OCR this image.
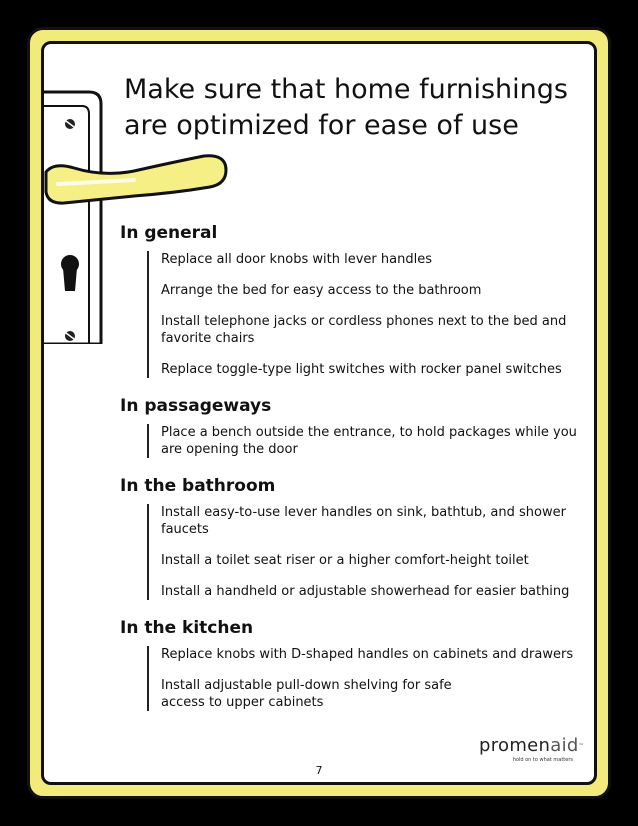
Make sure that home furnishings are optimized for ease of use
In general
Replace all door knobs with lever handles
Arrange the bed for easy access to the bathroom
Install telephone jacks or cordless phones next to the bed and favorite chairs
Replace toggle-type light switches with rocker panel switches
In passageways
Place a bench outside the entrance, to hold packages while you are opening the door
In the bathroom
Install easy-to-use lever handles on sink, bathtub, and shower faucets
Install a toilet seat riser or a higher comfort-height toilet
Install a handheld or adjustable showerhead for easier bathing
In the kitchen
Replace knobs with D-shaped handles on cabinets and drawers
Install adjustable pull-down shelving for safe access to upper cabinets
promenaid™
hold on to what matters
7
